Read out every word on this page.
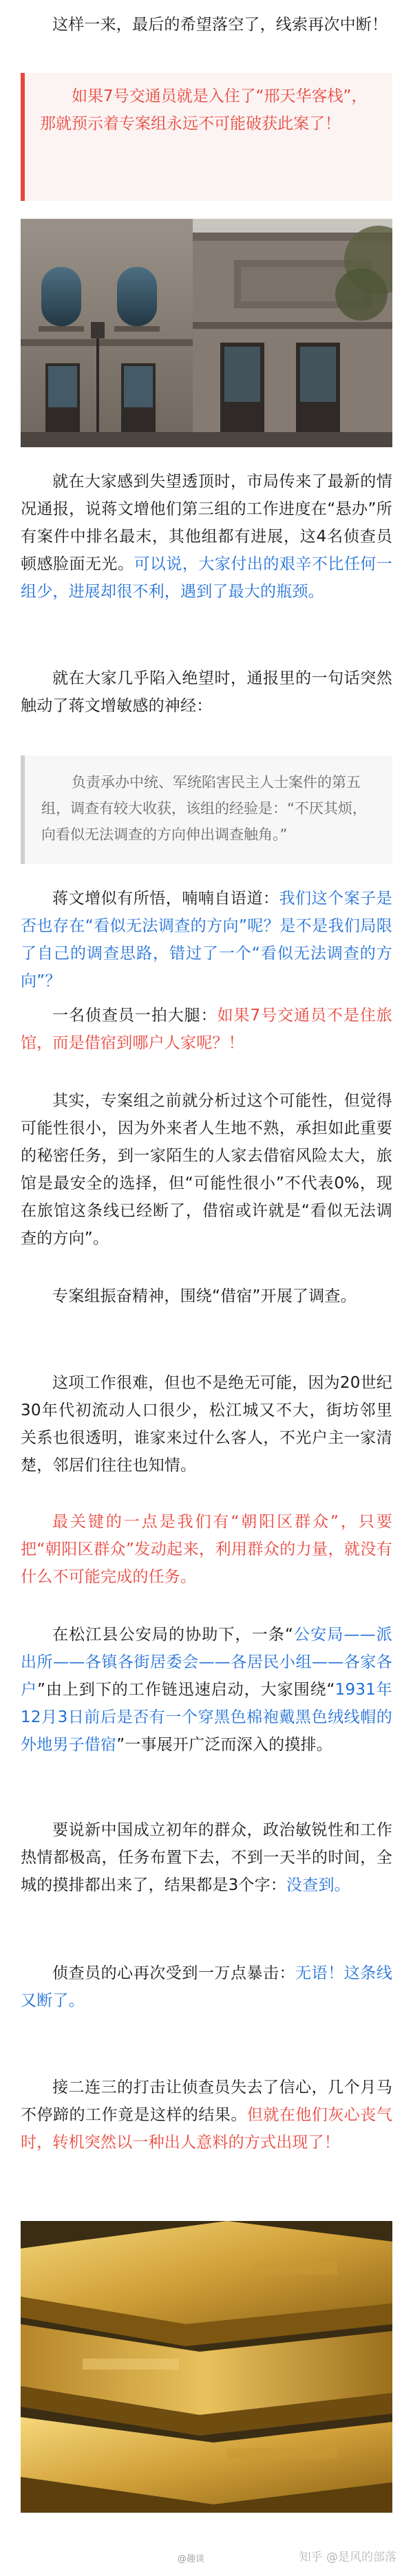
这样一来，最后的希望落空了，线索再次中断！

如果7号交通员就是入住了“邢天华客栈”，那就预示着专案组永远不可能破获此案了！

就在大家感到失望透顶时，市局传来了最新的情况通报，说蒋文增他们第三组的工作进度在“悬办”所有案件中排名最末，其他组都有进展，这4名侦查员顿感脸面无光。可以说，大家付出的艰辛不比任何一组少，进展却很不利，遇到了最大的瓶颈。

就在大家几乎陷入绝望时，通报里的一句话突然触动了蒋文增敏感的神经：

负责承办中统、军统陷害民主人士案件的第五组，调查有较大收获，该组的经验是：“不厌其烦，向看似无法调查的方向伸出调查触角。”

蒋文增似有所悟，喃喃自语道：我们这个案子是否也存在“看似无法调查的方向”呢？是不是我们局限了自己的调查思路，错过了一个“看似无法调查的方向”？

一名侦查员一拍大腿：如果7号交通员不是住旅馆，而是借宿到哪户人家呢？！

其实，专案组之前就分析过这个可能性，但觉得可能性很小，因为外来者人生地不熟，承担如此重要的秘密任务，到一家陌生的人家去借宿风险太大，旅馆是最安全的选择，但“可能性很小”不代表0%，现在旅馆这条线已经断了，借宿或许就是“看似无法调查的方向”。

专案组振奋精神，围绕“借宿”开展了调查。

这项工作很难，但也不是绝无可能，因为20世纪30年代初流动人口很少，松江城又不大，街坊邻里关系也很透明，谁家来过什么客人，不光户主一家清楚，邻居们往往也知情。

最关键的一点是我们有“朝阳区群众”，只要把“朝阳区群众”发动起来，利用群众的力量，就没有什么不可能完成的任务。

在松江县公安局的协助下，一条“公安局——派出所——各镇各街居委会——各居民小组——各家各户”由上到下的工作链迅速启动，大家围绕“1931年12月3日前后是否有一个穿黑色棉袍戴黑色绒线帽的外地男子借宿”一事展开广泛而深入的摸排。

要说新中国成立初年的群众，政治敏锐性和工作热情都极高，任务布置下去，不到一天半的时间，全城的摸排都出来了，结果都是3个字：没查到。

侦查员的心再次受到一万点暴击：无语！这条线又断了。

接二连三的打击让侦查员失去了信心，几个月马不停蹄的工作竟是这样的结果。但就在他们灰心丧气时，转机突然以一种出人意料的方式出现了！

@趣谈	知乎 @是风的部落
